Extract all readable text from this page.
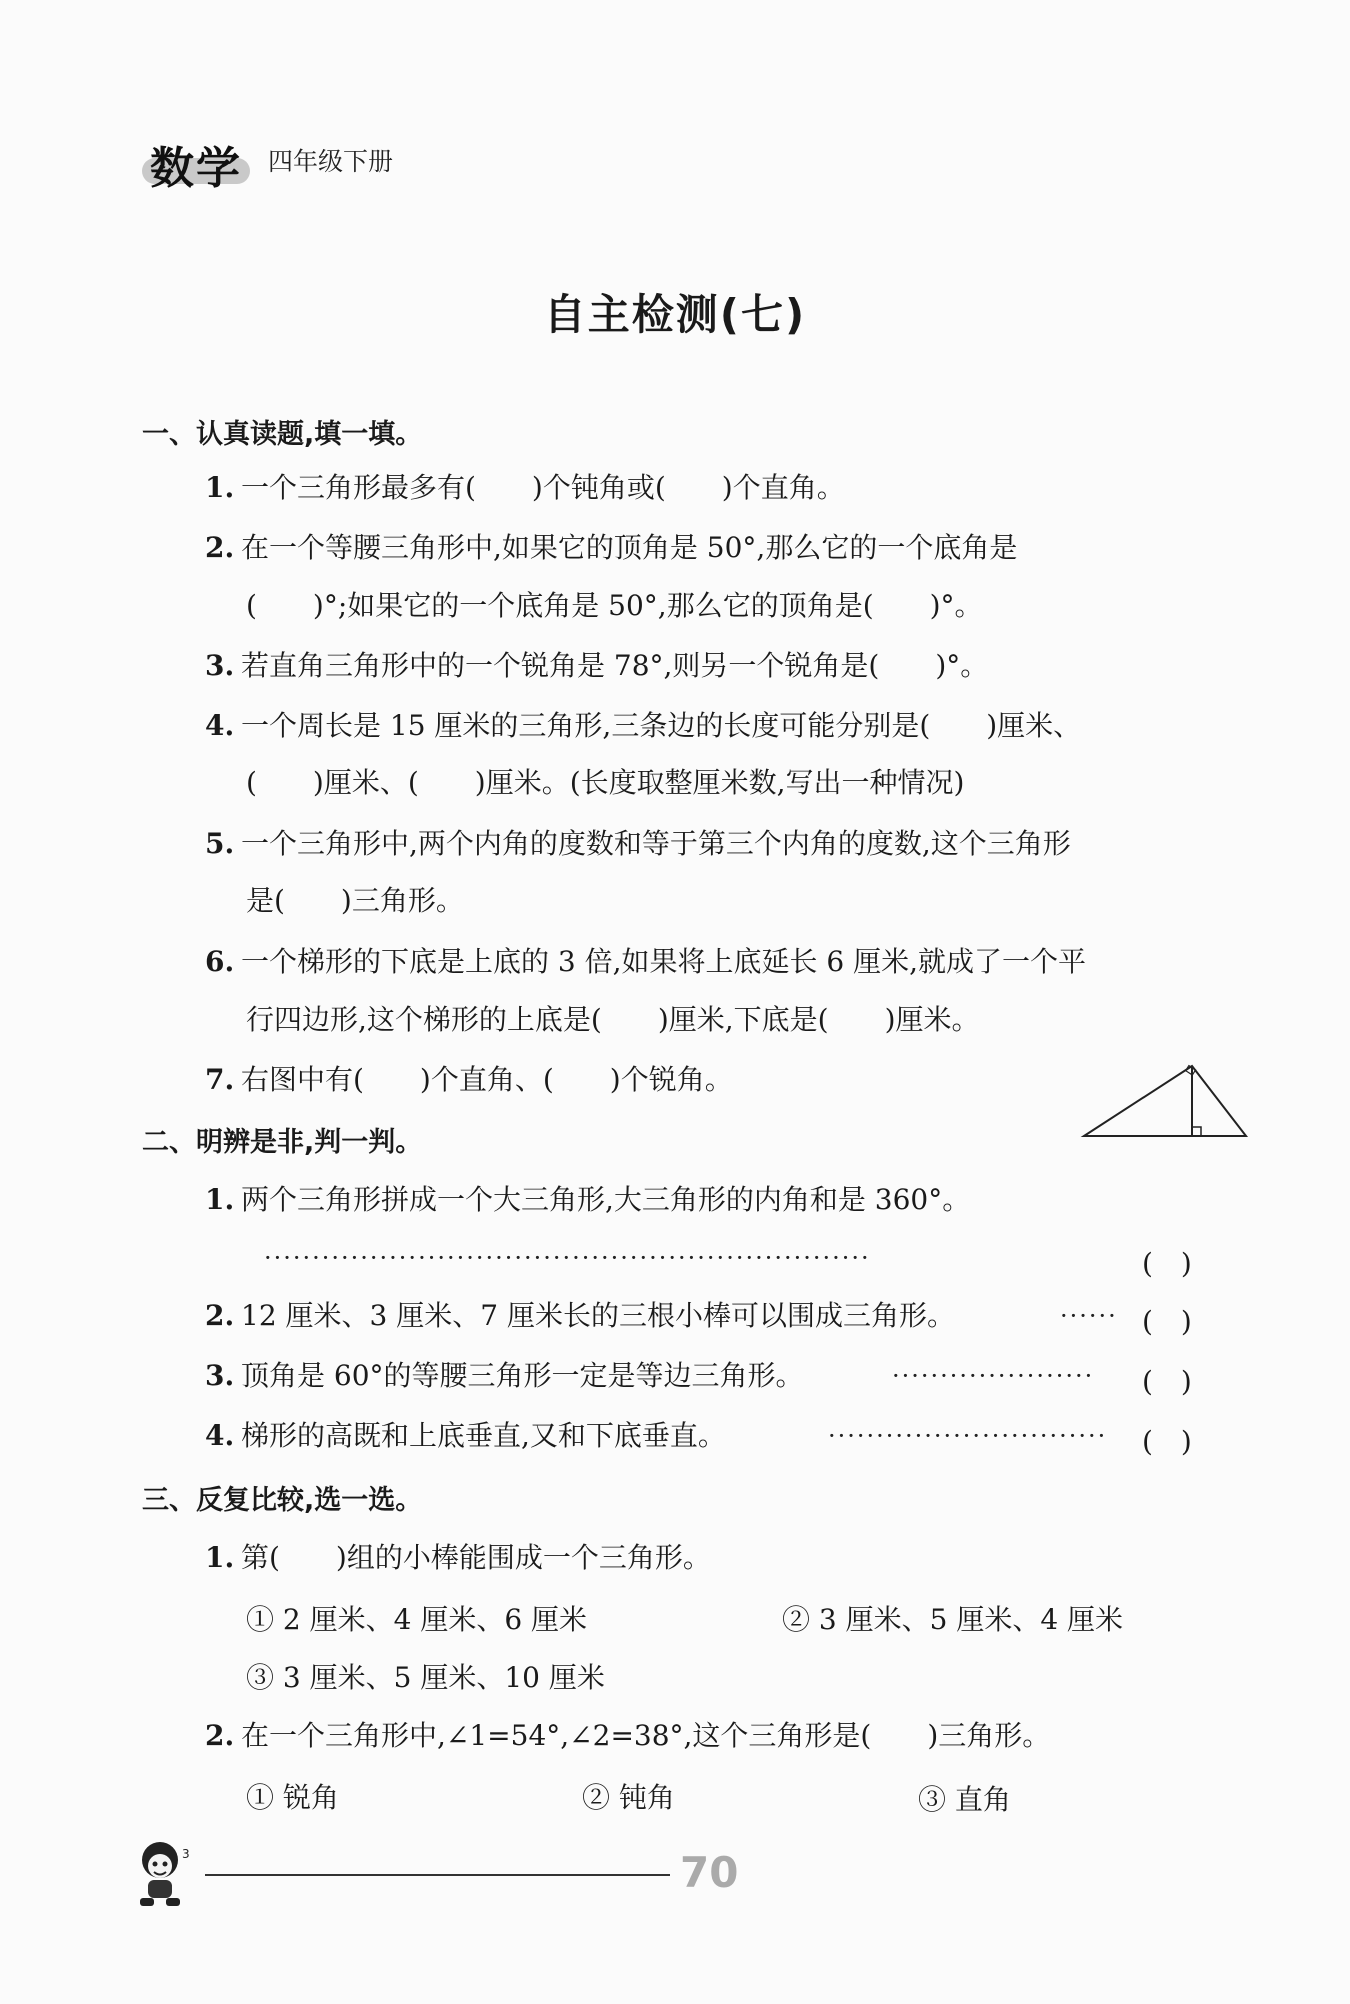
数学 四年级下册
自主检测(七)
一、认真读题,填一填。
1. 一个三角形最多有(　　)个钝角或(　　)个直角。
2. 在一个等腰三角形中,如果它的顶角是 50°,那么它的一个底角是
(　　)°;如果它的一个底角是 50°,那么它的顶角是(　　)°。
3. 若直角三角形中的一个锐角是 78°,则另一个锐角是(　　)°。
4. 一个周长是 15 厘米的三角形,三条边的长度可能分别是(　　)厘米、
(　　)厘米、(　　)厘米。(长度取整厘米数,写出一种情况)
5. 一个三角形中,两个内角的度数和等于第三个内角的度数,这个三角形
是(　　)三角形。
6. 一个梯形的下底是上底的 3 倍,如果将上底延长 6 厘米,就成了一个平
行四边形,这个梯形的上底是(　　)厘米,下底是(　　)厘米。
7. 右图中有(　　)个直角、(　　)个锐角。
二、明辨是非,判一判。
1. 两个三角形拼成一个大三角形,大三角形的内角和是 360°。
·······························································	(　)
2. 12 厘米、3 厘米、7 厘米长的三根小棒可以围成三角形。	······ (　)
3. 顶角是 60°的等腰三角形一定是等边三角形。	····················· (　)
4. 梯形的高既和上底垂直,又和下底垂直。	····························· (　)
三、反复比较,选一选。
1. 第(　　)组的小棒能围成一个三角形。
① 2 厘米、4 厘米、6 厘米	② 3 厘米、5 厘米、4 厘米
③ 3 厘米、5 厘米、10 厘米
2. 在一个三角形中,∠1=54°,∠2=38°,这个三角形是(　　)三角形。
① 锐角	② 钝角	③ 直角
3	70
